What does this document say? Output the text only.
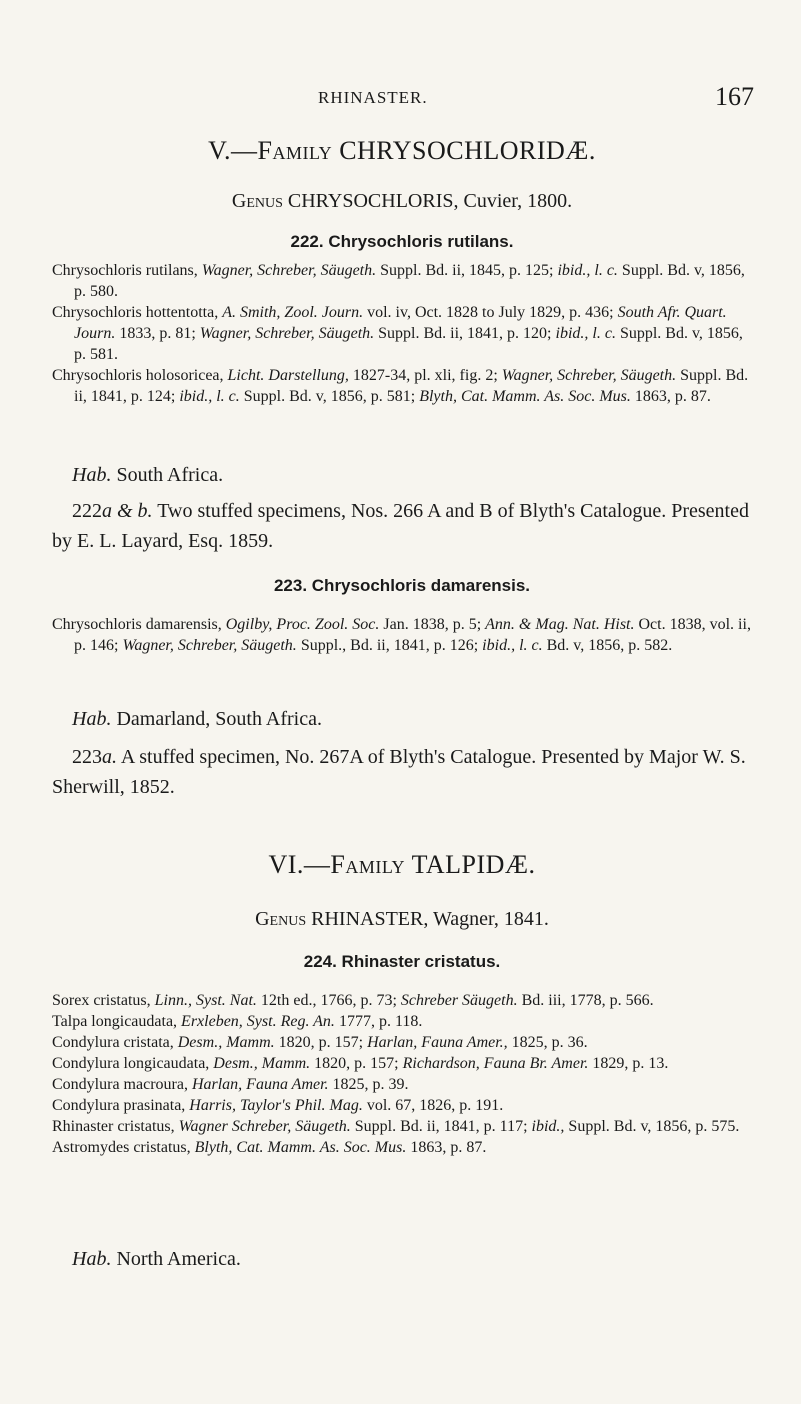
RHINASTER.	167
V.—Family CHRYSOCHLORIDÆ.
Genus CHRYSOCHLORIS, Cuvier, 1800.
222. Chrysochloris rutilans.

Chrysochloris rutilans, Wagner, Schreber, Säugeth. Suppl. Bd. ii, 1845, p. 125; ibid., l. c. Suppl. Bd. v, 1856, p. 580.

Chrysochloris hottentotta, A. Smith, Zool. Journ. vol. iv, Oct. 1828 to July 1829, p. 436; South Afr. Quart. Journ. 1833, p. 81; Wagner, Schreber, Säugeth. Suppl. Bd. ii, 1841, p. 120; ibid., l. c. Suppl. Bd. v, 1856, p. 581.

Chrysochloris holosoricea, Licht. Darstellung, 1827-34, pl. xli, fig. 2; Wagner, Schreber, Säugeth. Suppl. Bd. ii, 1841, p. 124; ibid., l. c. Suppl. Bd. v, 1856, p. 581; Blyth, Cat. Mamm. As. Soc. Mus. 1863, p. 87.

Hab. South Africa.
222a & b. Two stuffed specimens, Nos. 266 A and B of Blyth's Catalogue. Presented by E. L. Layard, Esq. 1859.
223. Chrysochloris damarensis.

Chrysochloris damarensis, Ogilby, Proc. Zool. Soc. Jan. 1838, p. 5; Ann. & Mag. Nat. Hist. Oct. 1838, vol. ii, p. 146; Wagner, Schreber, Säugeth. Suppl., Bd. ii, 1841, p. 126; ibid., l. c. Bd. v, 1856, p. 582.

Hab. Damarland, South Africa.
223a. A stuffed specimen, No. 267A of Blyth's Catalogue. Presented by Major W. S. Sherwill, 1852.
VI.—Family TALPIDÆ.
Genus RHINASTER, Wagner, 1841.
224. Rhinaster cristatus.

Sorex cristatus, Linn., Syst. Nat. 12th ed., 1766, p. 73; Schreber Säugeth. Bd. iii, 1778, p. 566.

Talpa longicaudata, Erxleben, Syst. Reg. An. 1777, p. 118.

Condylura cristata, Desm., Mamm. 1820, p. 157; Harlan, Fauna Amer., 1825, p. 36.

Condylura longicaudata, Desm., Mamm. 1820, p. 157; Richardson, Fauna Br. Amer. 1829, p. 13.

Condylura macroura, Harlan, Fauna Amer. 1825, p. 39.

Condylura prasinata, Harris, Taylor's Phil. Mag. vol. 67, 1826, p. 191.

Rhinaster cristatus, Wagner Schreber, Säugeth. Suppl. Bd. ii, 1841, p. 117; ibid., Suppl. Bd. v, 1856, p. 575.

Astromydes cristatus, Blyth, Cat. Mamm. As. Soc. Mus. 1863, p. 87.

Hab. North America.
